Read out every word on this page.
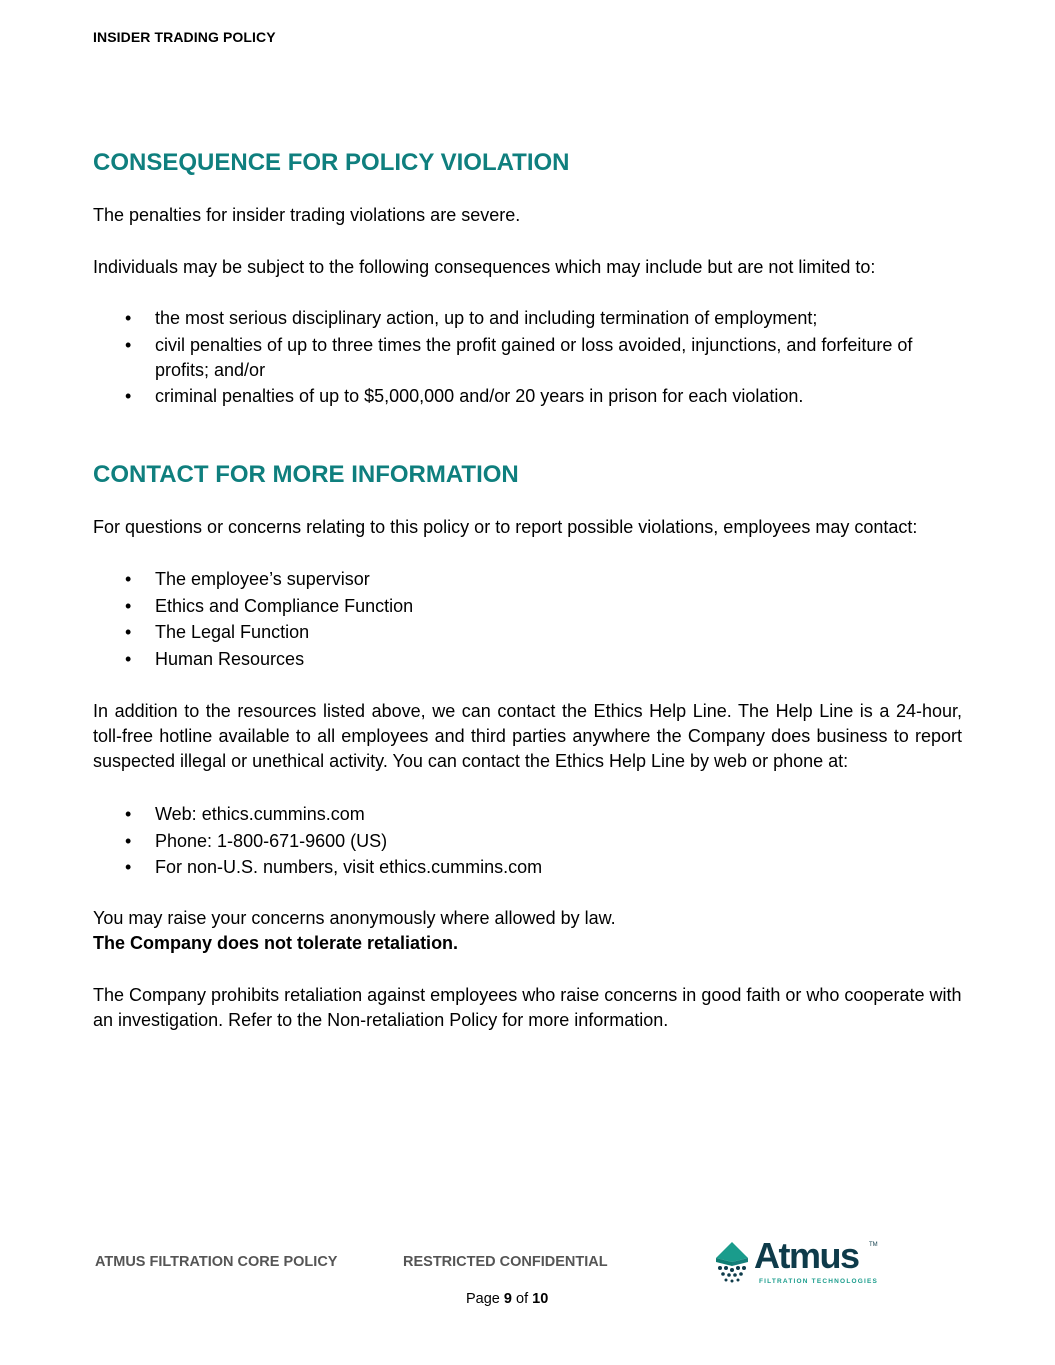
INSIDER TRADING POLICY
CONSEQUENCE FOR POLICY VIOLATION

The penalties for insider trading violations are severe.

Individuals may be subject to the following consequences which may include but are not limited to:

• the most serious disciplinary action, up to and including termination of employment;
• civil penalties of up to three times the profit gained or loss avoided, injunctions, and forfeiture of profits; and/or
• criminal penalties of up to $5,000,000 and/or 20 years in prison for each violation.
CONTACT FOR MORE INFORMATION

For questions or concerns relating to this policy or to report possible violations, employees may contact:

• The employee’s supervisor
• Ethics and Compliance Function
• The Legal Function
• Human Resources

In addition to the resources listed above, we can contact the Ethics Help Line. The Help Line is a 24-hour, toll-free hotline available to all employees and third parties anywhere the Company does business to report suspected illegal or unethical activity. You can contact the Ethics Help Line by web or phone at:

• Web: ethics.cummins.com
• Phone: 1-800-671-9600 (US)
• For non-U.S. numbers, visit ethics.cummins.com

You may raise your concerns anonymously where allowed by law.

The Company does not tolerate retaliation.

The Company prohibits retaliation against employees who raise concerns in good faith or who cooperate with an investigation. Refer to the Non-retaliation Policy for more information.

ATMUS FILTRATION CORE POLICY	RESTRICTED CONFIDENTIAL
Page 9 of 10
Atmus TM
FILTRATION TECHNOLOGIES
